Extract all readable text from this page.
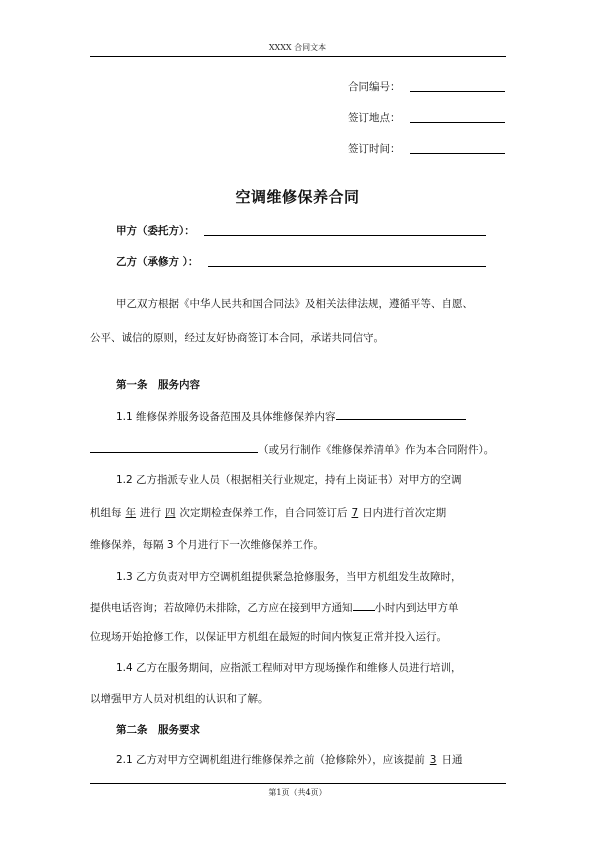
XXXX 合同文本
合同编号：
签订地点：
签订时间：
空调维修保养合同
甲方（委托方）：
乙方（承修方 ）：
甲乙双方根据《中华人民共和国合同法》及相关法律法规，遵循平等、自愿、
公平、诚信的原则，经过友好协商签订本合同，承诺共同信守。
第一条　服务内容
1.1 维修保养服务设备范围及具体维修保养内容
（或另行制作《维修保养清单》作为本合同附件）。
1.2 乙方指派专业人员（根据相关行业规定，持有上岗证书）对甲方的空调
机组每 年 进行 四 次定期检查保养工作，自合同签订后 7 日内进行首次定期
维修保养，每隔 3 个月进行下一次维修保养工作。
1.3 乙方负责对甲方空调机组提供紧急抢修服务，当甲方机组发生故障时，
提供电话咨询；若故障仍未排除，乙方应在接到甲方通知 小时内到达甲方单
位现场开始抢修工作，以保证甲方机组在最短的时间内恢复正常并投入运行。
1.4 乙方在服务期间，应指派工程师对甲方现场操作和维修人员进行培训，
以增强甲方人员对机组的认识和了解。
第二条　服务要求
2.1 乙方对甲方空调机组进行维修保养之前（抢修除外），应该提前 3 日通
第1页（共4页）
